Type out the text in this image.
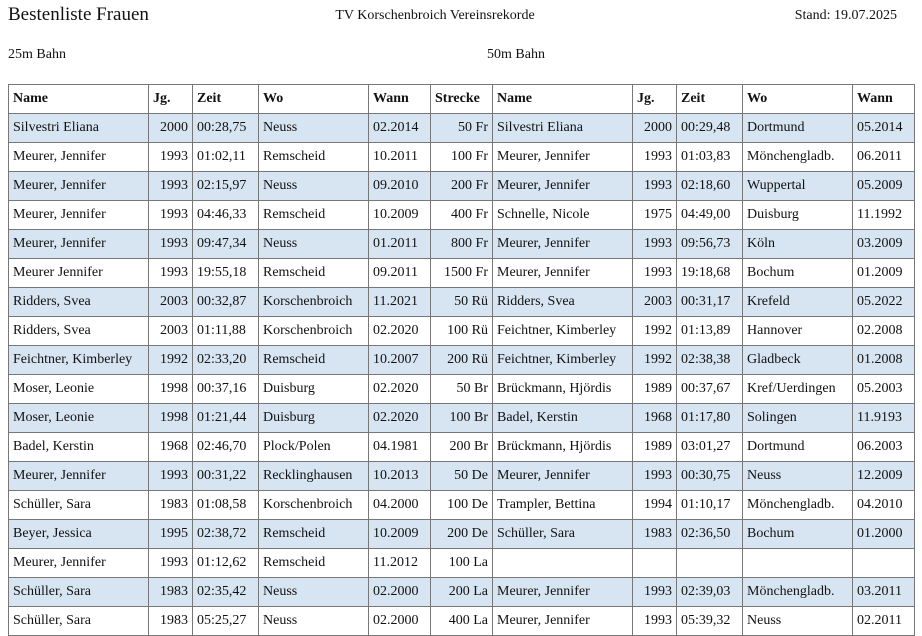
Bestenliste Frauen	TV Korschenbroich Vereinsrekorde	Stand: 19.07.2025
25m Bahn	50m Bahn
Name	Jg.	Zeit	Wo	Wann	Strecke	Name	Jg.	Zeit	Wo	Wann
Silvestri Eliana	2000	00:28,75	Neuss	02.2014	50 Fr	Silvestri Eliana	2000	00:29,48	Dortmund	05.2014
Meurer, Jennifer	1993	01:02,11	Remscheid	10.2011	100 Fr	Meurer, Jennifer	1993	01:03,83	Mönchengladb.	06.2011
Meurer, Jennifer	1993	02:15,97	Neuss	09.2010	200 Fr	Meurer, Jennifer	1993	02:18,60	Wuppertal	05.2009
Meurer, Jennifer	1993	04:46,33	Remscheid	10.2009	400 Fr	Schnelle, Nicole	1975	04:49,00	Duisburg	11.1992
Meurer, Jennifer	1993	09:47,34	Neuss	01.2011	800 Fr	Meurer, Jennifer	1993	09:56,73	Köln	03.2009
Meurer Jennifer	1993	19:55,18	Remscheid	09.2011	1500 Fr	Meurer, Jennifer	1993	19:18,68	Bochum	01.2009
Ridders, Svea	2003	00:32,87	Korschenbroich	11.2021	50 Rü	Ridders, Svea	2003	00:31,17	Krefeld	05.2022
Ridders, Svea	2003	01:11,88	Korschenbroich	02.2020	100 Rü	Feichtner, Kimberley	1992	01:13,89	Hannover	02.2008
Feichtner, Kimberley	1992	02:33,20	Remscheid	10.2007	200 Rü	Feichtner, Kimberley	1992	02:38,38	Gladbeck	01.2008
Moser, Leonie	1998	00:37,16	Duisburg	02.2020	50 Br	Brückmann, Hjördis	1989	00:37,67	Kref/Uerdingen	05.2003
Moser, Leonie	1998	01:21,44	Duisburg	02.2020	100 Br	Badel, Kerstin	1968	01:17,80	Solingen	11.9193
Badel, Kerstin	1968	02:46,70	Plock/Polen	04.1981	200 Br	Brückmann, Hjördis	1989	03:01,27	Dortmund	06.2003
Meurer, Jennifer	1993	00:31,22	Recklinghausen	10.2013	50 De	Meurer, Jennifer	1993	00:30,75	Neuss	12.2009
Schüller, Sara	1983	01:08,58	Korschenbroich	04.2000	100 De	Trampler, Bettina	1994	01:10,17	Mönchengladb.	04.2010
Beyer, Jessica	1995	02:38,72	Remscheid	10.2009	200 De	Schüller, Sara	1983	02:36,50	Bochum	01.2000
Meurer, Jennifer	1993	01:12,62	Remscheid	11.2012	100 La					
Schüller, Sara	1983	02:35,42	Neuss	02.2000	200 La	Meurer, Jennifer	1993	02:39,03	Mönchengladb.	03.2011
Schüller, Sara	1983	05:25,27	Neuss	02.2000	400 La	Meurer, Jennifer	1993	05:39,32	Neuss	02.2011
